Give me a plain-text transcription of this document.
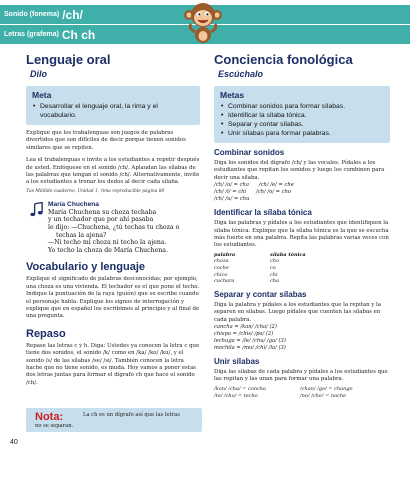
Sonido (fonema) /ch/
Letras (grafema) Ch ch
Lenguaje oral
Dilo
Meta
• Desarrollar el lenguaje oral, la rima y el vocabulario.

Explique que los trabalenguas son juegos de palabras divertidos que son difíciles de decir porque tienen sonidos similares que se repiten.

Lea el trabalenguas e invite a los estudiantes a repetir después de usted. Enfóquese en el sonido /ch/. Aplaudan las sílabas de las palabras que tengan el sonido /ch/. Alternativamente, invite a los estudiantes a tronar los dedos al decir cada sílaba.

Tus Mildido cuaderno, Unidad 1, rima reproducible página 80

María Chuchena
María Chuchena su choza techaba
y un techador que por ahí pasaba
le dijo: —Chuchena, ¿tú techas tu choza o
techas la ajena?
—Ni techo mi choza ni techo la ajena.
Yo techo la choza de María Chuchena.
Vocabulario y lenguaje

Explique el significado de palabras desconocidas; por ejemplo, una choza es una vivienda. El techador es el que pone el techo. Indique la puntuación de la raya (guión) que se escribe cuando el personaje habla. Explique los signos de interrogación y explique que en español los escribimos al principio y al final de una pregunta.

Repaso

Repase las letras c y h. Diga: Ustedes ya conocen la letra c que tiene dos sonidos, el sonido /k/ como en /ka/ /ko/ /ku/, y el sonido /s/ de las sílabas /se/ /si/. También conocen la letra hache que no tiene sonido, es muda. Hoy vamos a poner estas dos letras juntas para formar el dígrafo ch que hace el sonido /ch/.

Conciencia fonológica
Escúchalo
Metas
• Combinar sonidos para formar sílabas.
• Identificar la sílaba tónica.
• Separar y contar sílabas.
• Unir sílabas para formar palabras.
Combinar sonidos

Diga los sonidos del dígrafo /ch/ y las vocales. Pídales a los estudiantes que repitan los sonidos y luego los combinen para decir una sílaba.

/ch/ /a/ = cha      /ch/ /e/ = che
/ch/ /i/ = chi      /ch/ /o/ = cho
/ch/ /u/ = chu
Identificar la sílaba tónica

Diga las palabras y pídales a los estudiantes que identifiquen la sílaba tónica. Explique que la sílaba tónica es la que se escucha más fuerte en una palabra. Repita las palabras varias veces con los estudiantes.

palabra	sílaba tónica
choza	cho
coche	co
chico	chi
cuchara	cha
Separar y contar sílabas

Diga la palabra y pídales a los estudiantes que la repitan y la separen en sílabas. Luego pídales que cuenten las sílabas en cada palabra.

cancha = /kan/ /cha/ (2)
chispa = /chis/ /pa/ (2)
lechuga = /le/ /chu/ /ga/ (3)
mochila = /mo/ /chi/ /la/ (3)
Unir sílabas

Diga las sílabas de cada palabra y pídales a los estudiantes que las repitan y las unan para formar una palabra.

/kon/ /cha/ = concha	/chan/ /go/ = chango
/te/ /cho/ = techo	/no/ /che/ = noche
Nota:	La ch es un dígrafo así que las letras
no se separan.
40
